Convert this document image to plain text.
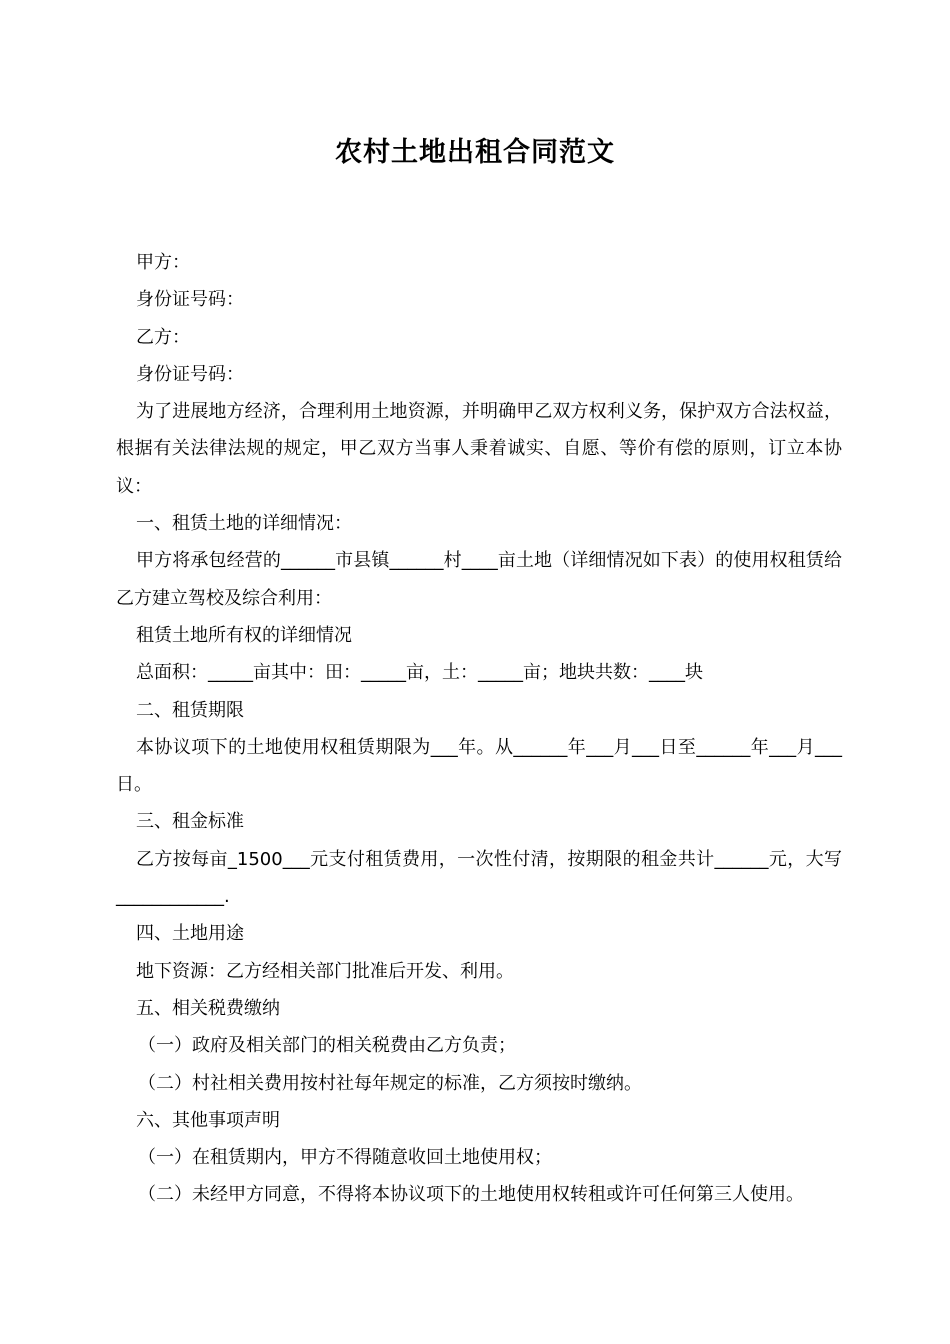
农村土地出租合同范文

甲方：

身份证号码：

乙方：

身份证号码：

为了进展地方经济，合理利用土地资源，并明确甲乙双方权利义务，保护双方合法权益，根据有关法律法规的规定，甲乙双方当事人秉着诚实、自愿、等价有偿的原则，订立本协议：

一、租赁土地的详细情况：

甲方将承包经营的______市县镇______村____亩土地（详细情况如下表）的使用权租赁给乙方建立驾校及综合利用：

租赁土地所有权的详细情况

总面积：_____亩其中：田：_____亩，土：_____亩；地块共数：____块

二、租赁期限

本协议项下的土地使用权租赁期限为___年。从______年___月___日至______年___月___日。

三、租金标准

乙方按每亩_1500___元支付租赁费用，一次性付清，按期限的租金共计______元，大写____________.

四、土地用途

地下资源：乙方经相关部门批准后开发、利用。

五、相关税费缴纳

（一）政府及相关部门的相关税费由乙方负责；

（二）村社相关费用按村社每年规定的标准，乙方须按时缴纳。

六、其他事项声明

（一）在租赁期内，甲方不得随意收回土地使用权；

（二）未经甲方同意，不得将本协议项下的土地使用权转租或许可任何第三人使用。
